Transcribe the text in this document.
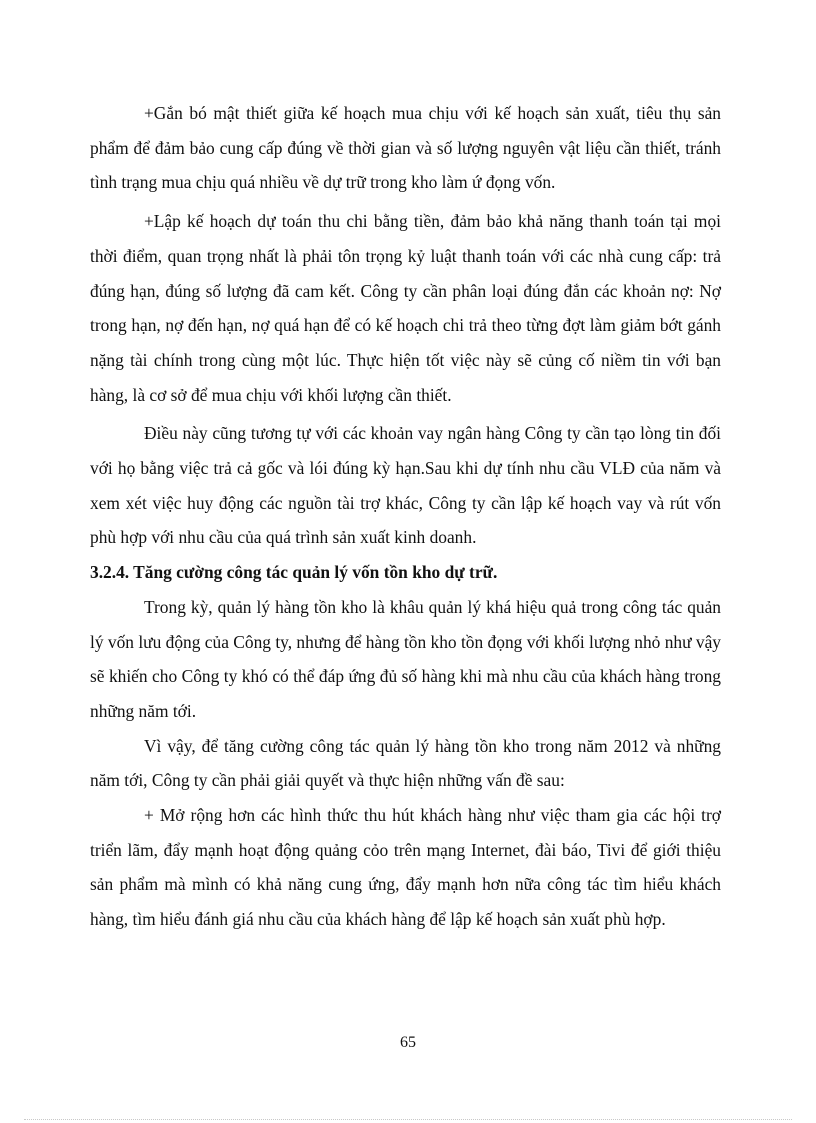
+Gắn bó mật thiết giữa kế hoạch mua chịu với kế hoạch sản xuất, tiêu thụ sản phẩm để đảm bảo cung cấp đúng về thời gian và số lượng nguyên vật liệu cần thiết, tránh tình trạng mua chịu quá nhiều về dự trữ trong kho làm ứ đọng vốn.

+Lập kế hoạch dự toán thu chi bằng tiền, đảm bảo khả năng thanh toán tại mọi thời điểm, quan trọng nhất là phải tôn trọng kỷ luật thanh toán với các nhà cung cấp: trả đúng hạn, đúng số lượng đã cam kết. Công ty cần phân loại đúng đắn các khoản nợ: Nợ trong hạn, nợ đến hạn, nợ quá hạn để có kế hoạch chi trả theo từng đợt làm giảm bớt gánh nặng tài chính trong cùng một lúc. Thực hiện tốt việc này sẽ củng cố niềm tin với bạn hàng, là cơ sở để mua chịu với khối lượng cần thiết.

Điều này cũng tương tự với các khoản vay ngân hàng Công ty cần tạo lòng tin đối với họ bằng việc trả cả gốc và lói đúng kỳ hạn.Sau khi dự tính nhu cầu VLĐ của năm và xem xét việc huy động các nguồn tài trợ khác, Công ty cần lập kế hoạch vay và rút vốn phù hợp với nhu cầu của quá trình sản xuất kinh doanh.

3.2.4. Tăng cường công tác quản lý vốn tồn kho dự trữ.

Trong kỳ, quản lý hàng tồn kho là khâu quản lý khá hiệu quả trong công tác quản lý vốn lưu động của Công ty, nhưng để hàng tồn kho tồn đọng với khối lượng nhỏ như vậy sẽ khiến cho Công ty khó có thể đáp ứng đủ số hàng khi mà nhu cầu của khách hàng trong những năm tới.

Vì vậy, để tăng cường công tác quản lý hàng tồn kho trong năm 2012 và những năm tới, Công ty cần phải giải quyết và thực hiện những vấn đề sau:

+ Mở rộng hơn các hình thức thu hút khách hàng như việc tham gia các hội trợ triển lãm, đẩy mạnh hoạt động quảng cỏo trên mạng Internet, đài báo, Tivi để giới thiệu sản phẩm mà mình có khả năng cung ứng, đẩy mạnh hơn nữa công tác tìm hiểu khách hàng, tìm hiểu đánh giá nhu cầu của khách hàng để lập kế hoạch sản xuất phù hợp.

65
